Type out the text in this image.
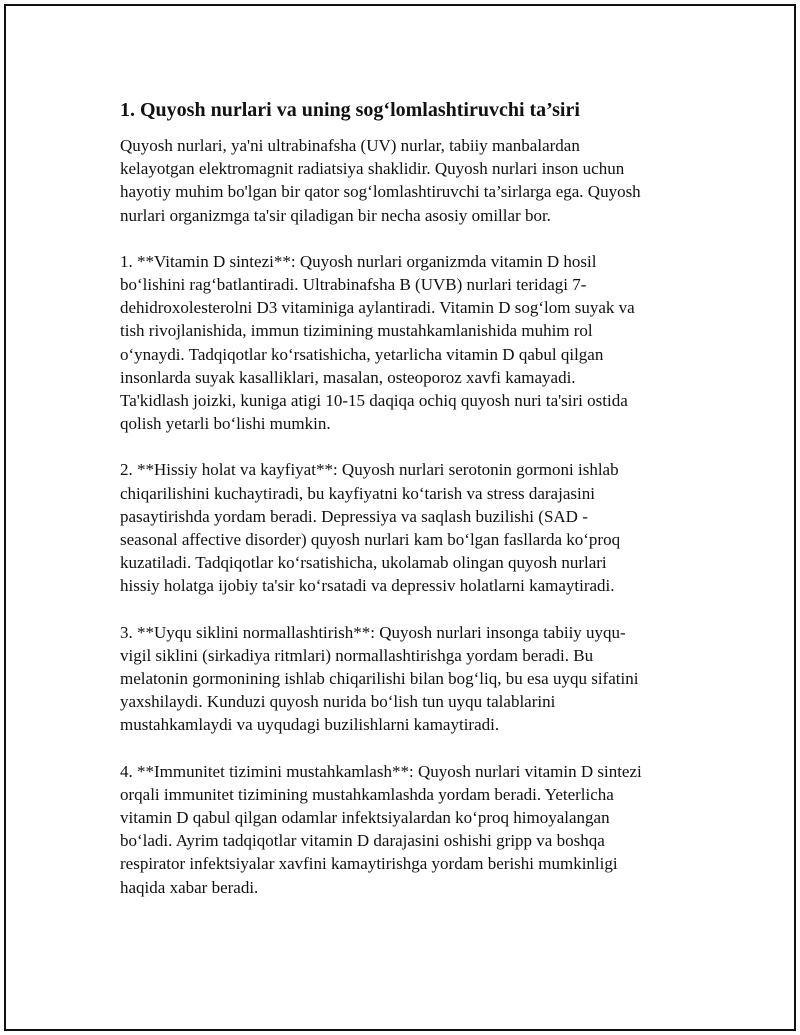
1. Quyosh nurlari va uning sog‘lomlashtiruvchi ta’siri

Quyosh nurlari, ya'ni ultrabinafsha (UV) nurlar, tabiiy manbalardan
kelayotgan elektromagnit radiatsiya shaklidir. Quyosh nurlari inson uchun
hayotiy muhim bo'lgan bir qator sog‘lomlashtiruvchi ta’sirlarga ega. Quyosh
nurlari organizmga ta'sir qiladigan bir necha asosiy omillar bor.

1. **Vitamin D sintezi**: Quyosh nurlari organizmda vitamin D hosil
bo‘lishini rag‘batlantiradi. Ultrabinafsha B (UVB) nurlari teridagi 7-
dehidroxolesterolni D3 vitaminiga aylantiradi. Vitamin D sog‘lom suyak va
tish rivojlanishida, immun tizimining mustahkamlanishida muhim rol
o‘ynaydi. Tadqiqotlar ko‘rsatishicha, yetarlicha vitamin D qabul qilgan
insonlarda suyak kasalliklari, masalan, osteoporoz xavfi kamayadi.
Ta'kidlash joizki, kuniga atigi 10-15 daqiqa ochiq quyosh nuri ta'siri ostida
qolish yetarli bo‘lishi mumkin.

2. **Hissiy holat va kayfiyat**: Quyosh nurlari serotonin gormoni ishlab
chiqarilishini kuchaytiradi, bu kayfiyatni ko‘tarish va stress darajasini
pasaytirishda yordam beradi. Depressiya va saqlash buzilishi (SAD -
seasonal affective disorder) quyosh nurlari kam bo‘lgan fasllarda ko‘proq
kuzatiladi. Tadqiqotlar ko‘rsatishicha, ukolamab olingan quyosh nurlari
hissiy holatga ijobiy ta'sir ko‘rsatadi va depressiv holatlarni kamaytiradi.

3. **Uyqu siklini normallashtirish**: Quyosh nurlari insonga tabiiy uyqu-
vigil siklini (sirkadiya ritmlari) normallashtirishga yordam beradi. Bu
melatonin gormonining ishlab chiqarilishi bilan bog‘liq, bu esa uyqu sifatini
yaxshilaydi. Kunduzi quyosh nurida bo‘lish tun uyqu talablarini
mustahkamlaydi va uyqudagi buzilishlarni kamaytiradi.

4. **Immunitet tizimini mustahkamlash**: Quyosh nurlari vitamin D sintezi
orqali immunitet tizimining mustahkamlashda yordam beradi. Yeterlicha
vitamin D qabul qilgan odamlar infektsiyalardan ko‘proq himoyalangan
bo‘ladi. Ayrim tadqiqotlar vitamin D darajasini oshishi gripp va boshqa
respirator infektsiyalar xavfini kamaytirishga yordam berishi mumkinligi
haqida xabar beradi.
